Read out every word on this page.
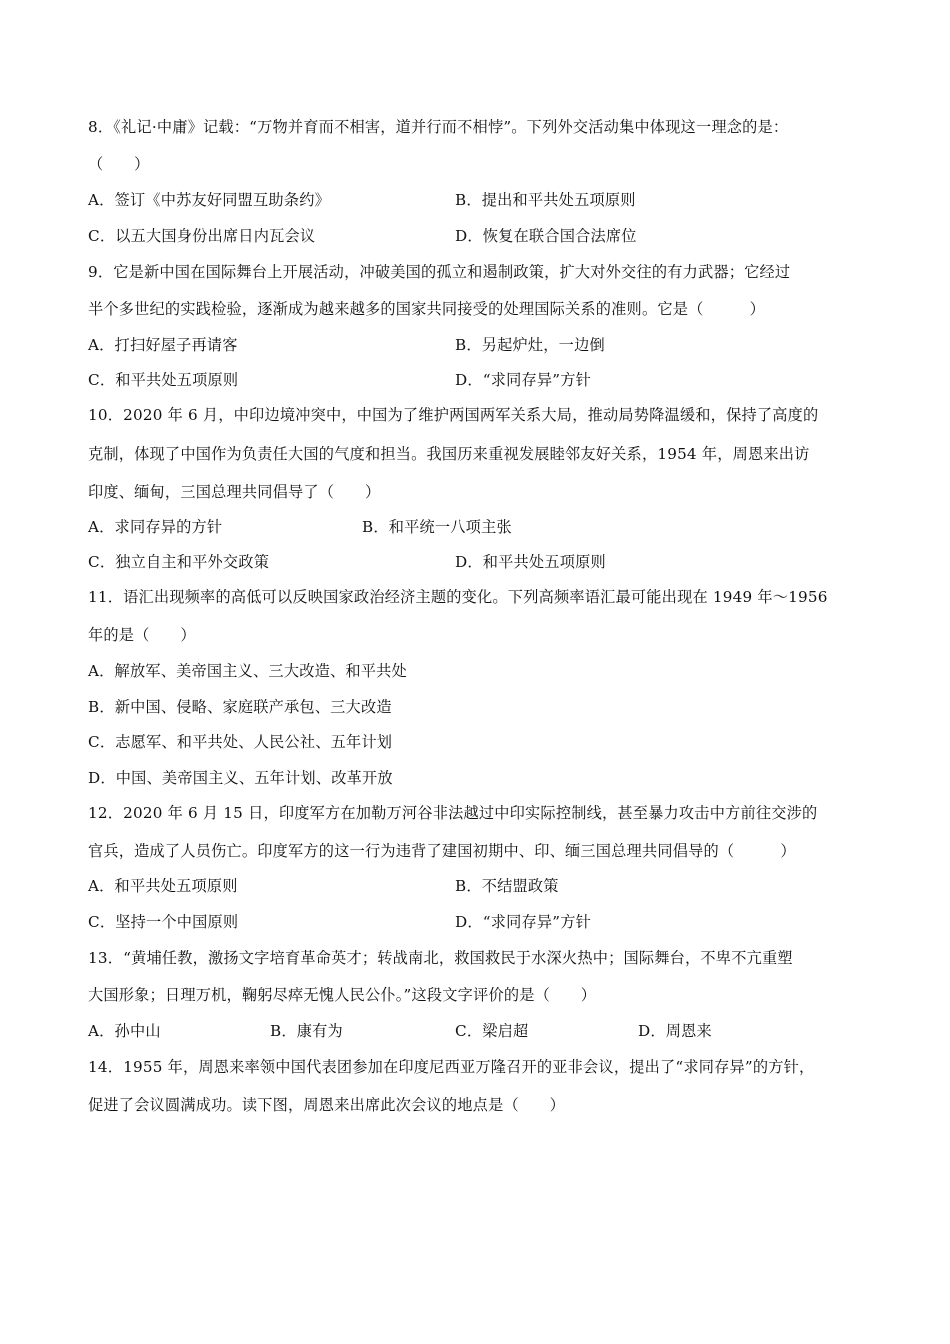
8．《礼记·中庸》记载：“万物并育而不相害，道并行而不相悖”。下列外交活动集中体现这一理念的是：
（　　）
A．签订《中苏友好同盟互助条约》	B．提出和平共处五项原则
C．以五大国身份出席日内瓦会议	D．恢复在联合国合法席位
9．它是新中国在国际舞台上开展活动，冲破美国的孤立和遏制政策，扩大对外交往的有力武器；它经过
半个多世纪的实践检验，逐渐成为越来越多的国家共同接受的处理国际关系的准则。它是（　　　）
A．打扫好屋子再请客	B．另起炉灶，一边倒
C．和平共处五项原则	D．“求同存异”方针
10．2020 年 6 月，中印边境冲突中，中国为了维护两国两军关系大局，推动局势降温缓和，保持了高度的
克制，体现了中国作为负责任大国的气度和担当。我国历来重视发展睦邻友好关系，1954 年，周恩来出访
印度、缅甸，三国总理共同倡导了（　　）
A．求同存异的方针	B．和平统一八项主张
C．独立自主和平外交政策	D．和平共处五项原则
11．语汇出现频率的高低可以反映国家政治经济主题的变化。下列高频率语汇最可能出现在 1949 年～1956
年的是（　　）
A．解放军、美帝国主义、三大改造、和平共处
B．新中国、侵略、家庭联产承包、三大改造
C．志愿军、和平共处、人民公社、五年计划
D．中国、美帝国主义、五年计划、改革开放
12．2020 年 6 月 15 日，印度军方在加勒万河谷非法越过中印实际控制线，甚至暴力攻击中方前往交涉的
官兵，造成了人员伤亡。印度军方的这一行为违背了建国初期中、印、缅三国总理共同倡导的（　　　）
A．和平共处五项原则	B．不结盟政策
C．坚持一个中国原则	D．“求同存异”方针
13．“黄埔任教，激扬文字培育革命英才；转战南北，救国救民于水深火热中；国际舞台，不卑不亢重塑
大国形象；日理万机，鞠躬尽瘁无愧人民公仆。”这段文字评价的是（　　）
A．孙中山	B．康有为	C．梁启超	D．周恩来
14．1955 年，周恩来率领中国代表团参加在印度尼西亚万隆召开的亚非会议，提出了“求同存异”的方针，
促进了会议圆满成功。读下图，周恩来出席此次会议的地点是（　　）
